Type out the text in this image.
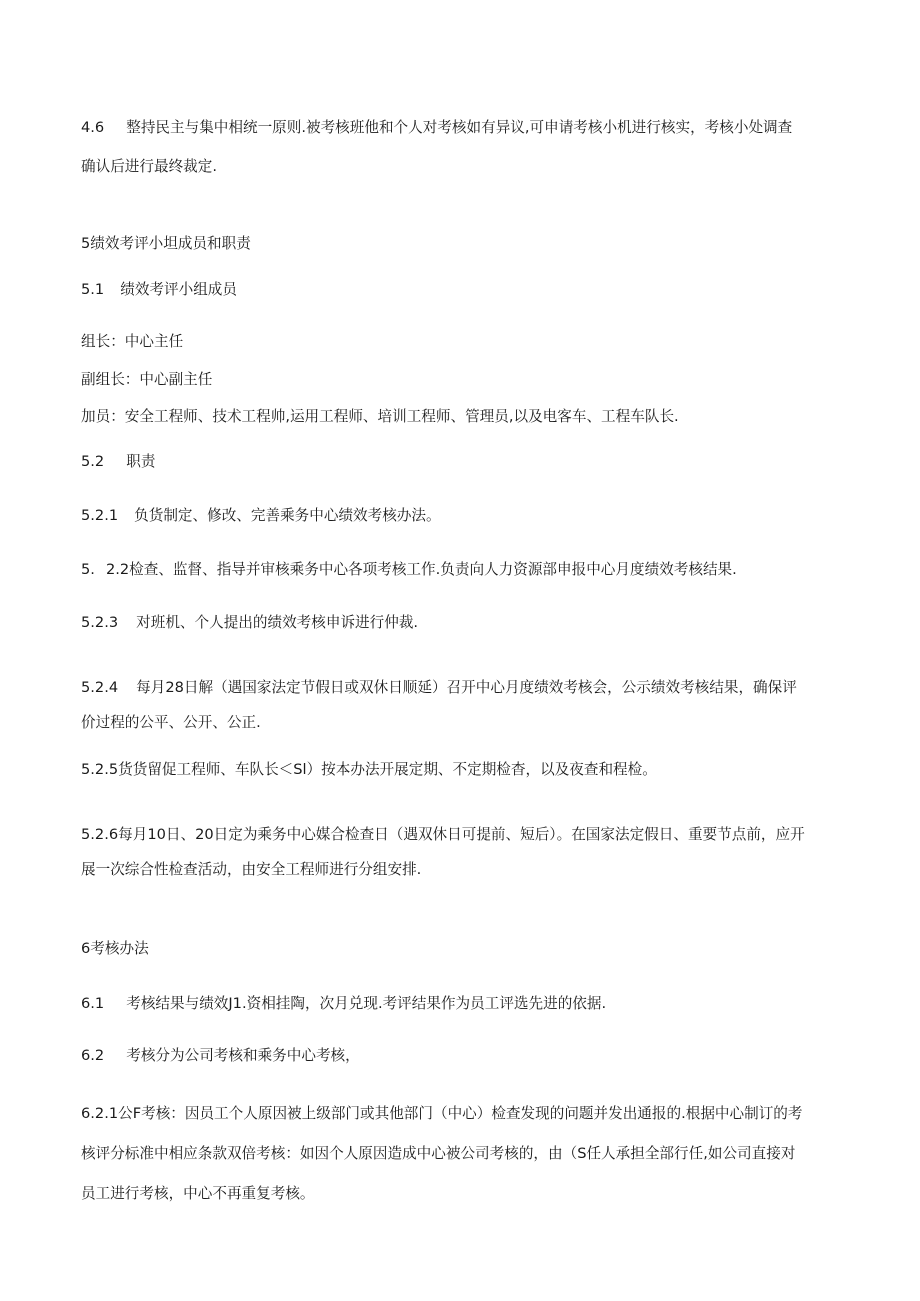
4.6 整持民主与集中相统一原则.被考核班他和个人对考核如有异议,可申请考核小机进行核实，考核小处调查

确认后进行最终裁定.

5绩效考评小坦成员和职责

5.1 绩效考评小组成员

组长：中心主任

副组长：中心副主任

加员：安全工程师、技术工程帅,运用工程师、培训工程师、管理员,以及电客车、工程车队长.

5.2 职责

5.2.1 负货制定、修改、完善乘务中心绩效考核办法。

5. 2.2检查、监督、指导并审核乘务中心各项考核工作.负责向人力资源部申报中心月度绩效考核结果.

5.2.3 对班机、个人提出的绩效考核申诉进行仲裁.

5.2.4 每月28日解（遇国家法定节假日或双休日顺延）召开中心月度绩效考核会，公示绩效考核结果，确保评

价过程的公平、公开、公正.

5.2.5货货留促工程师、车队长＜Sl）按本办法开展定期、不定期检杳，以及夜查和程检。

5.2.6每月10日、20日定为乘务中心媒合检查日（遇双休日可提前、短后）。在国家法定假日、重要节点前，应开

展一次综合性检查活动，由安全工程师进行分组安排.

6考核办法

6.1 考核结果与绩效J1.资相挂陶，次月兑现.考评结果作为员工评选先进的依据.

6.2 考核分为公司考核和乘务中心考核，

6.2.1公F考核：因员工个人原因被上级部门或其他部门（中心）检查发现的问题并发出通报的.根据中心制订的考

核评分标准中相应条款双倍考核：如因个人原因造成中心被公司考核的，由（S任人承担全部行任,如公司直接对

员工进行考核，中心不再重复考核。
